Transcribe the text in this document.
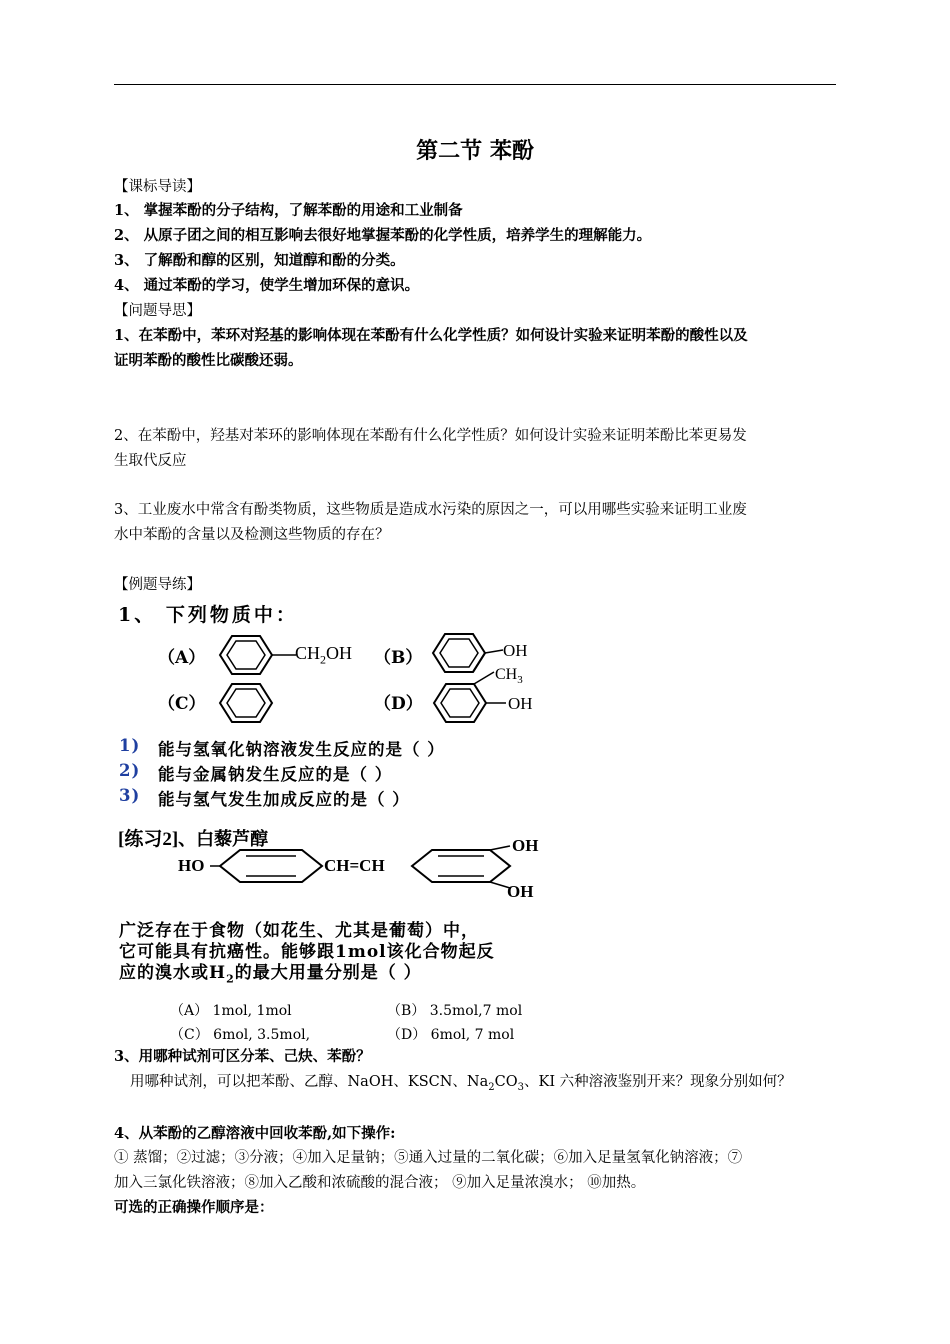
第二节 苯酚
【课标导读】
1、 掌握苯酚的分子结构，了解苯酚的用途和工业制备
2、 从原子团之间的相互影响去很好地掌握苯酚的化学性质，培养学生的理解能力。
3、 了解酚和醇的区别，知道醇和酚的分类。
4、 通过苯酚的学习，使学生增加环保的意识。
【问题导思】
1、在苯酚中，苯环对羟基的影响体现在苯酚有什么化学性质？如何设计实验来证明苯酚的酸性以及
证明苯酚的酸性比碳酸还弱。
2、在苯酚中，羟基对苯环的影响体现在苯酚有什么化学性质？如何设计实验来证明苯酚比苯更易发
生取代反应
3、工业废水中常含有酚类物质，这些物质是造成水污染的原因之一，可以用哪些实验来证明工业废
水中苯酚的含量以及检测这些物质的存在？
【例题导练】
1、 下列物质中：
（A）	$CH_2OH$ （B）	OH
（C）	（D）
$CH_3$
OH
1) 能与氢氧化钠溶液发生反应的是（ ）
2) 能与金属钠发生反应的是（ ）
3) 能与氢气发生加成反应的是（ ）
[练习2]、白藜芦醇
HO	CH=CH
OH
OH
广泛存在于食物（如花生、尤其是葡萄）中，
它可能具有抗癌性。能够跟1mol该化合物起反
应的溴水或$H_2$的最大用量分别是（ ）
（A） 1mol, 1mol	（B） 3.5mol,7 mol
（C） 6mol, 3.5mol,	（D） 6mol, 7 mol
3、用哪种试剂可区分苯、己炔、苯酚？
用哪种试剂，可以把苯酚、乙醇、NaOH、KSCN、$Na_2CO_3$、KI 六种溶液鉴别开来？现象分别如何？
4、从苯酚的乙醇溶液中回收苯酚,如下操作:
① 蒸馏；②过滤；③分液；④加入足量钠；⑤通入过量的二氧化碳；⑥加入足量氢氧化钠溶液；⑦
加入三氯化铁溶液；⑧加入乙酸和浓硫酸的混合液； ⑨加入足量浓溴水； ⑩加热。
可选的正确操作顺序是：
